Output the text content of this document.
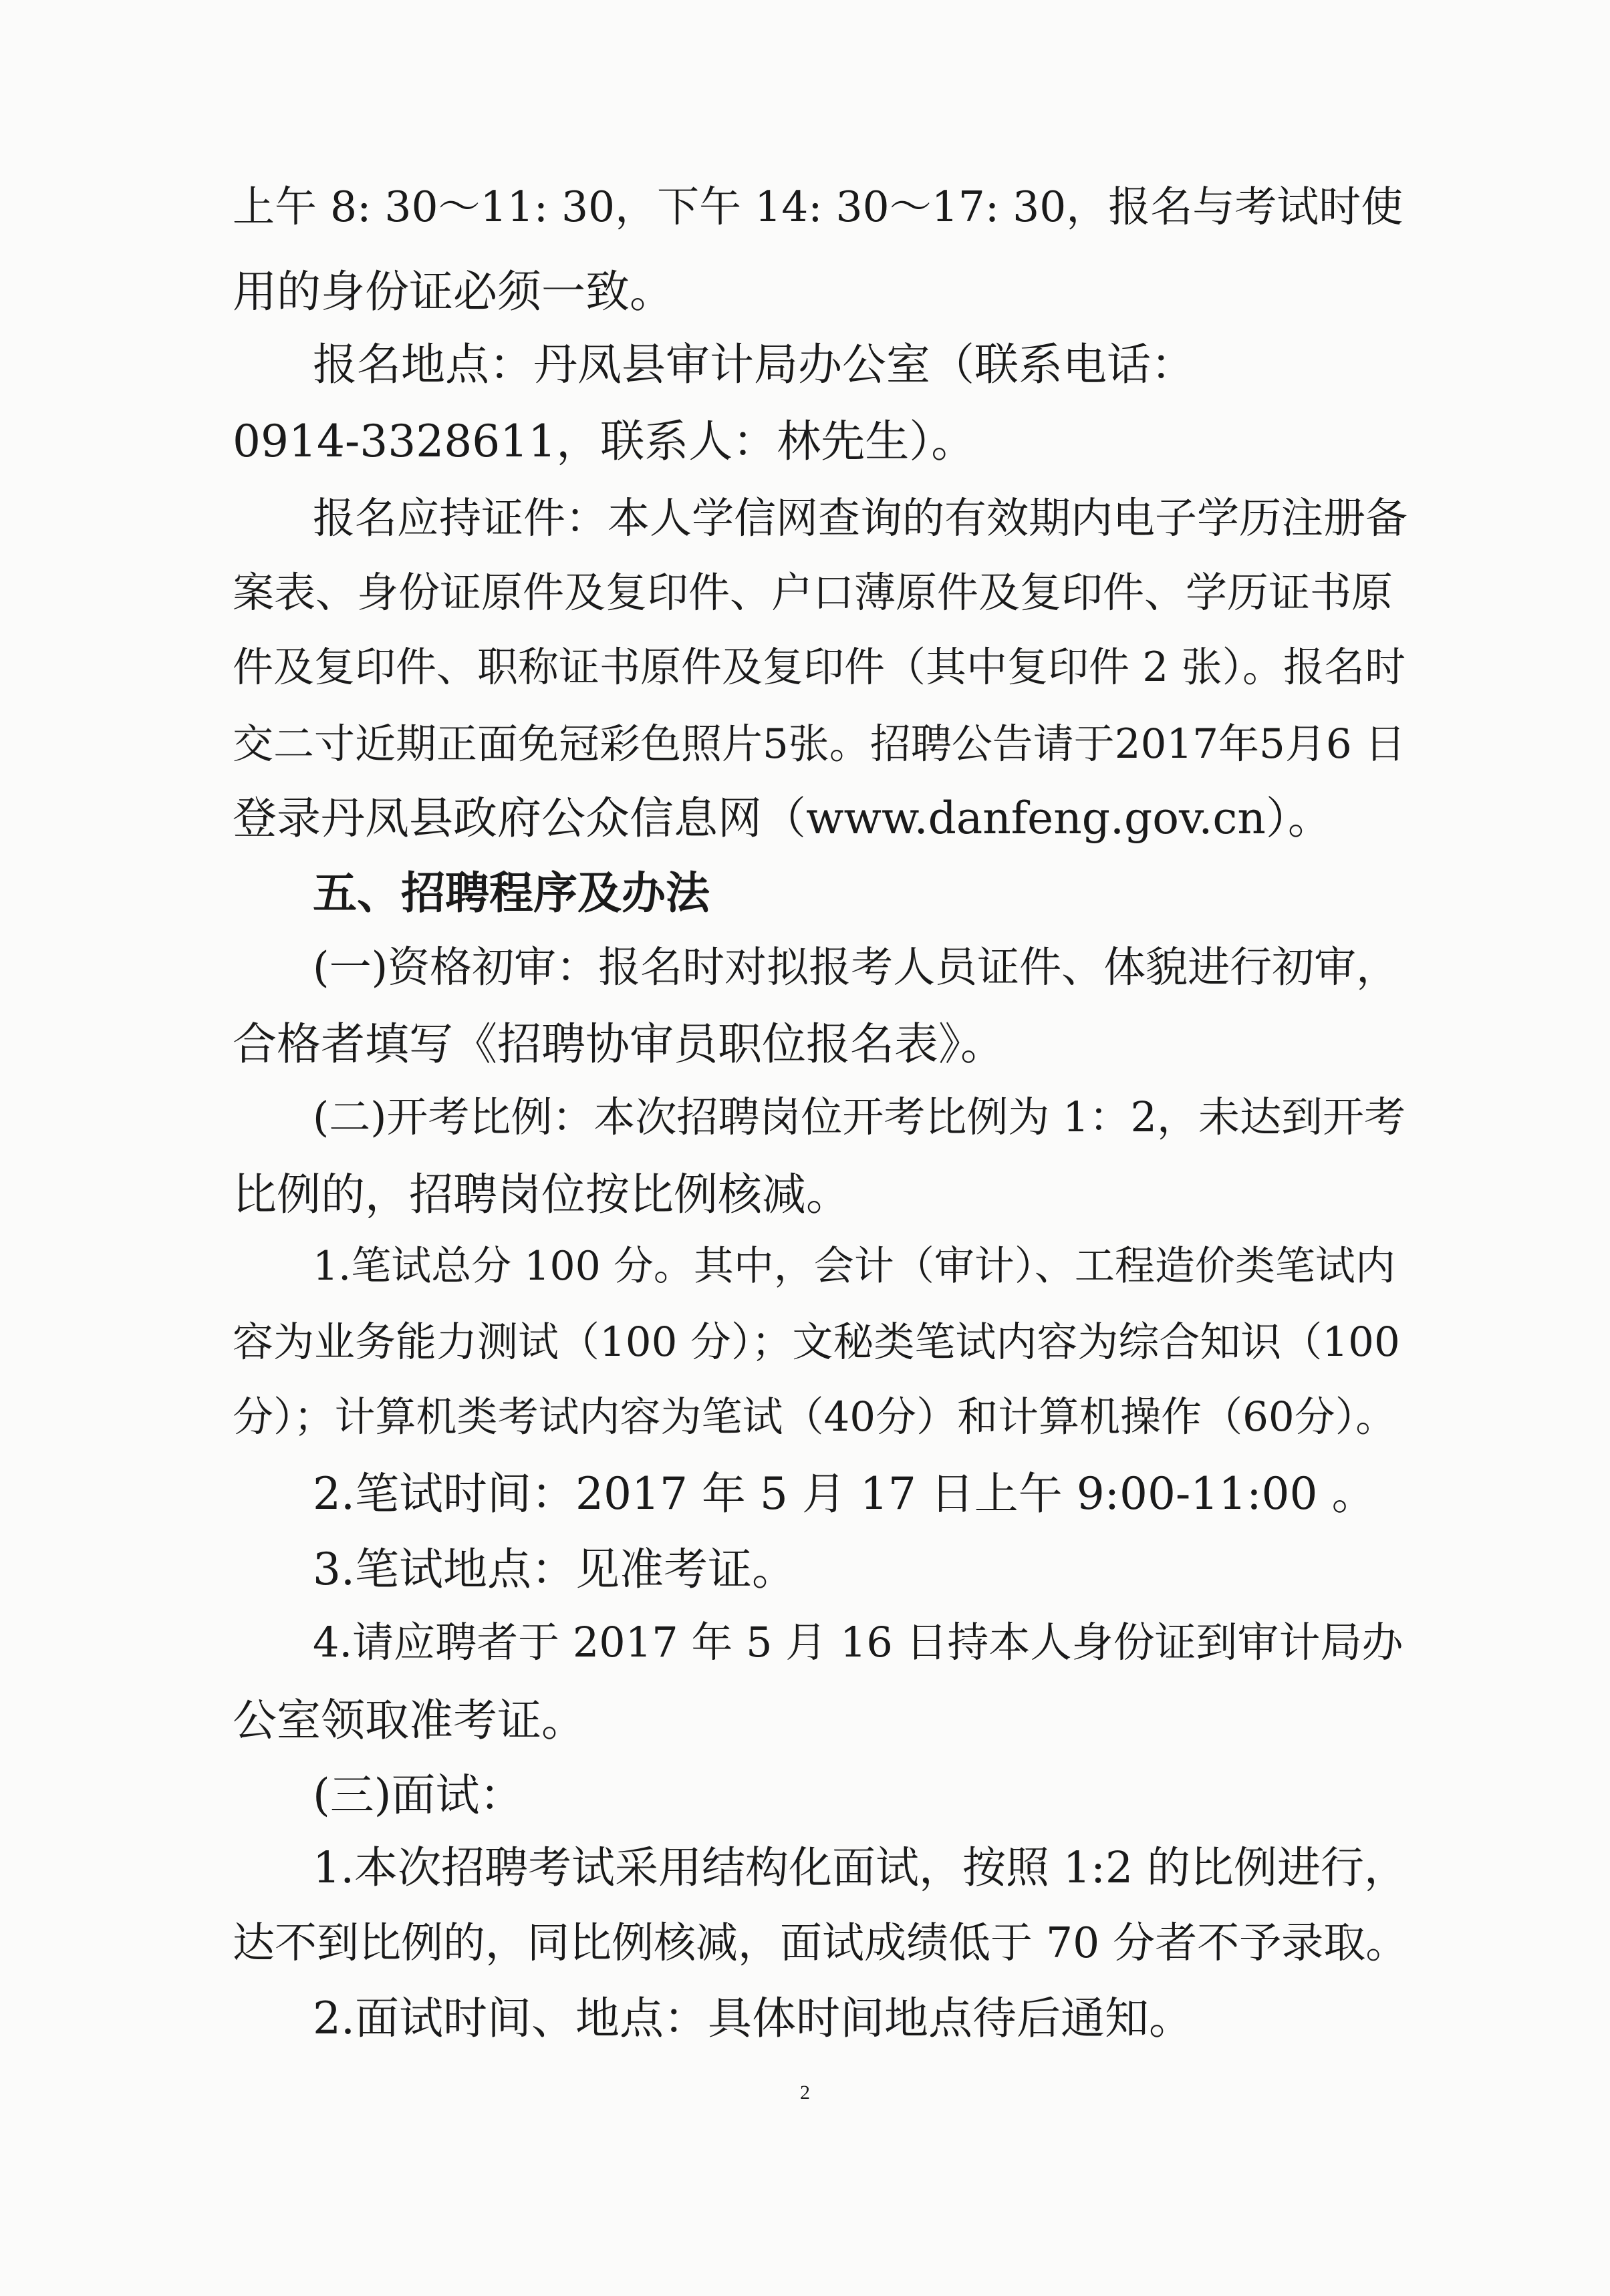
上午 8: 30～11: 30，下午 14: 30～17: 30，报名与考试时使

用的身份证必须一致。

报名地点：丹凤县审计局办公室（联系电话：

0914-3328611，联系人：林先生）。

报名应持证件：本人学信网查询的有效期内电子学历注册备

案表、身份证原件及复印件、户口薄原件及复印件、学历证书原

件及复印件、职称证书原件及复印件（其中复印件 2 张）。报名时

交二寸近期正面免冠彩色照片5张。招聘公告请于2017年5月6 日

登录丹凤县政府公众信息网（www.danfeng.gov.cn）。

五、招聘程序及办法

(一)资格初审：报名时对拟报考人员证件、体貌进行初审，

合格者填写《招聘协审员职位报名表》。

(二)开考比例：本次招聘岗位开考比例为 1：2，未达到开考

比例的，招聘岗位按比例核减。

1.笔试总分 100 分。其中，会计（审计）、工程造价类笔试内

容为业务能力测试（100 分）；文秘类笔试内容为综合知识（100

分）；计算机类考试内容为笔试（40分）和计算机操作（60分）。

2.笔试时间：2017 年 5 月 17 日上午 9:00-11:00 。

3.笔试地点：见准考证。

4.请应聘者于 2017 年 5 月 16 日持本人身份证到审计局办

公室领取准考证。

(三)面试：

1.本次招聘考试采用结构化面试，按照 1:2 的比例进行，

达不到比例的，同比例核减，面试成绩低于 70 分者不予录取。

2.面试时间、地点：具体时间地点待后通知。

2
